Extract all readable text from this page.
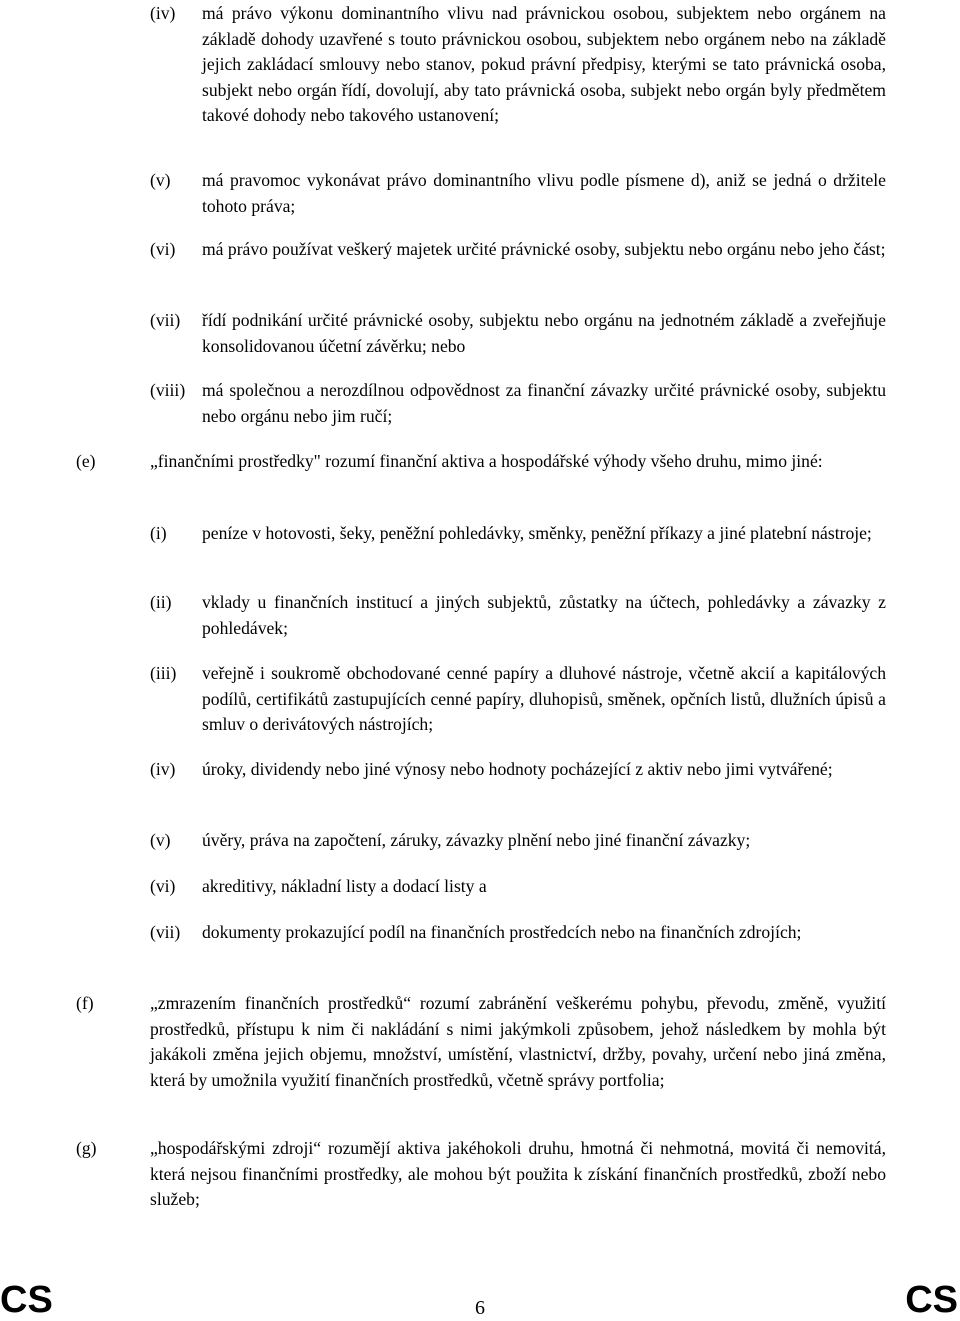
(iv) má právo výkonu dominantního vlivu nad právnickou osobou, subjektem nebo orgánem na základě dohody uzavřené s touto právnickou osobou, subjektem nebo orgánem nebo na základě jejich zakládací smlouvy nebo stanov, pokud právní předpisy, kterými se tato právnická osoba, subjekt nebo orgán řídí, dovolují, aby tato právnická osoba, subjekt nebo orgán byly předmětem takové dohody nebo takového ustanovení;
(v) má pravomoc vykonávat právo dominantního vlivu podle písmene d), aniž se jedná o držitele tohoto práva;
(vi) má právo používat veškerý majetek určité právnické osoby, subjektu nebo orgánu nebo jeho část;
(vii) řídí podnikání určité právnické osoby, subjektu nebo orgánu na jednotném základě a zveřejňuje konsolidovanou účetní závěrku; nebo
(viii) má společnou a nerozdílnou odpovědnost za finanční závazky určité právnické osoby, subjektu nebo orgánu nebo jim ručí;
(e)	„finančními prostředky" rozumí finanční aktiva a hospodářské výhody všeho druhu, mimo jiné:
(i) peníze v hotovosti, šeky, peněžní pohledávky, směnky, peněžní příkazy a jiné platební nástroje;
(ii) vklady u finančních institucí a jiných subjektů, zůstatky na účtech, pohledávky a závazky z pohledávek;
(iii) veřejně i soukromě obchodované cenné papíry a dluhové nástroje, včetně akcií a kapitálových podílů, certifikátů zastupujících cenné papíry, dluhopisů, směnek, opčních listů, dlužních úpisů a smluv o derivátových nástrojích;
(iv) úroky, dividendy nebo jiné výnosy nebo hodnoty pocházející z aktiv nebo jimi vytvářené;
(v) úvěry, práva na započtení, záruky, závazky plnění nebo jiné finanční závazky;
(vi) akreditivy, nákladní listy a dodací listy a
(vii) dokumenty prokazující podíl na finančních prostředcích nebo na finančních zdrojích;
(f)	„zmrazením finančních prostředků“ rozumí zabránění veškerému pohybu, převodu, změně, využití prostředků, přístupu k nim či nakládání s nimi jakýmkoli způsobem, jehož následkem by mohla být jakákoli změna jejich objemu, množství, umístění, vlastnictví, držby, povahy, určení nebo jiná změna, která by umožnila využití finančních prostředků, včetně správy portfolia;
(g)	„hospodářskými zdroji“ rozumějí aktiva jakéhokoli druhu, hmotná či nehmotná, movitá či nemovitá, která nejsou finančními prostředky, ale mohou být použita k získání finančních prostředků, zboží nebo služeb;
CS	6	CS
